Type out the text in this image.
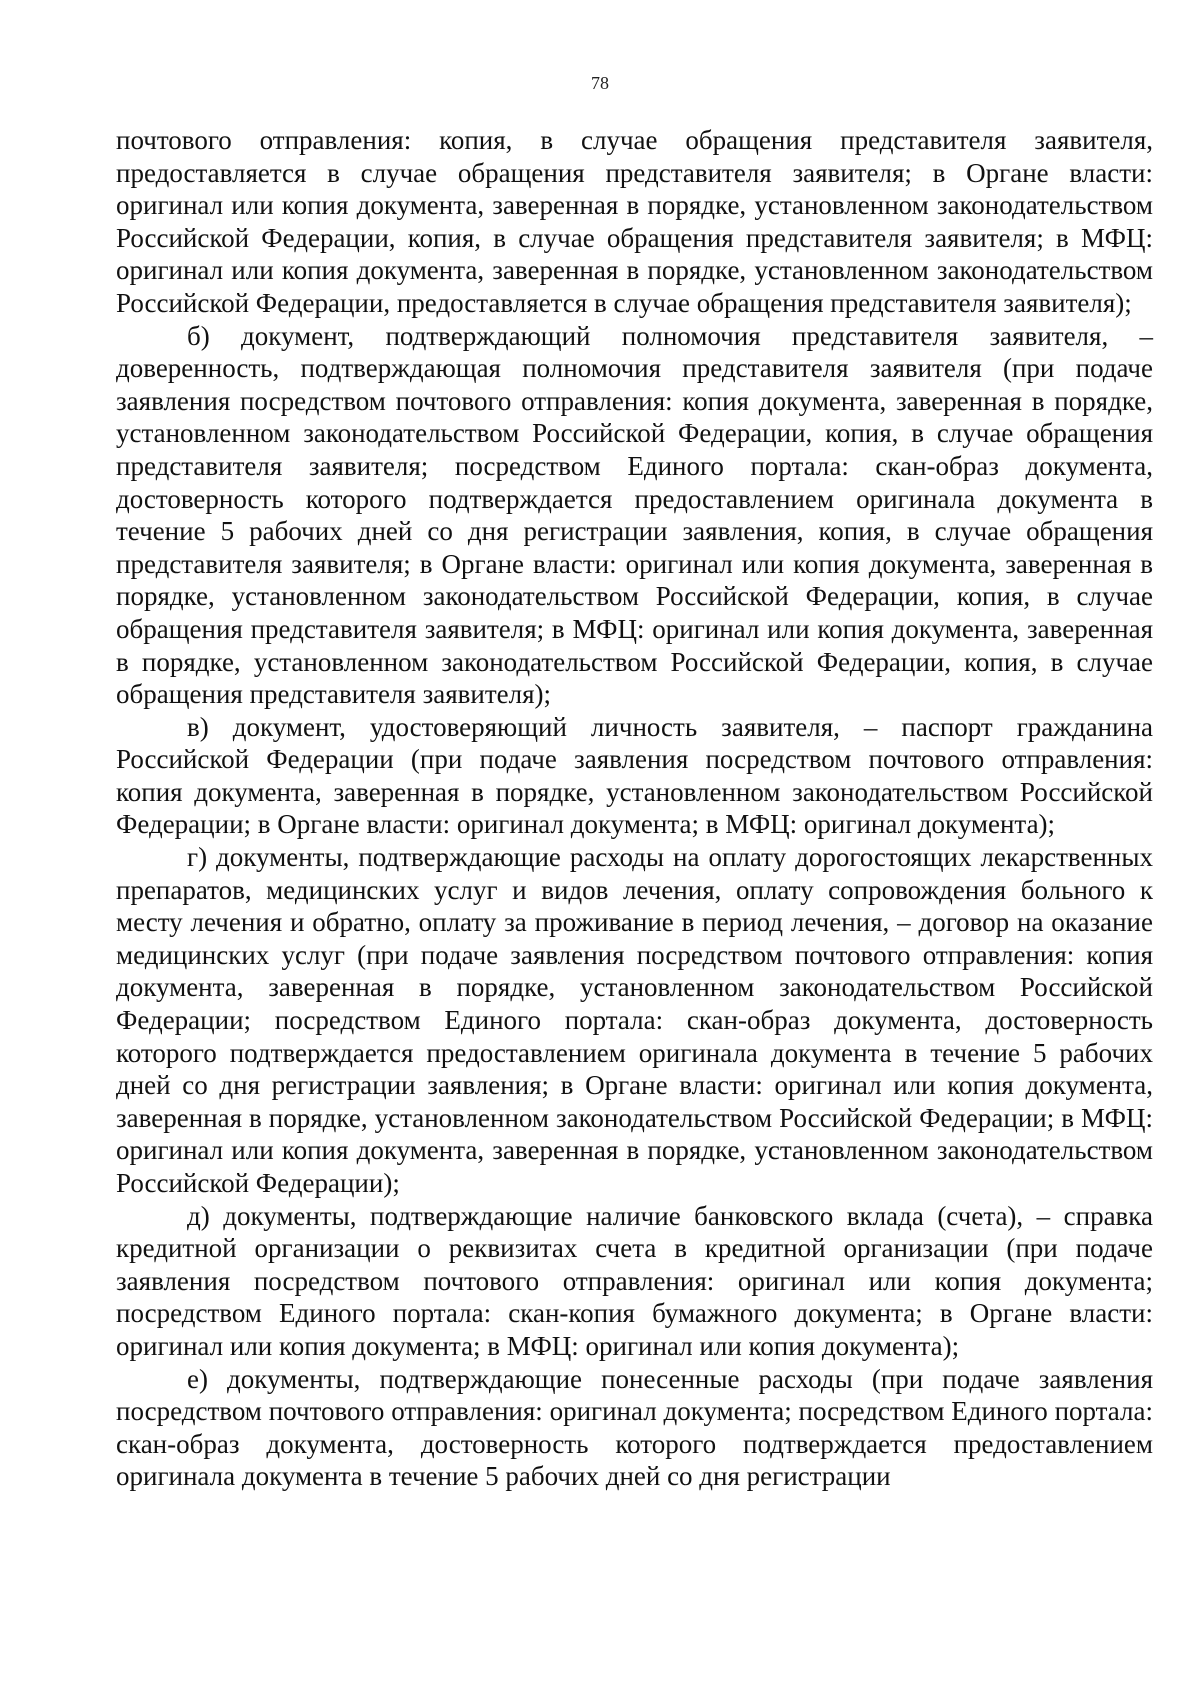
78

почтового отправления: копия, в случае обращения представителя заявителя, предоставляется в случае обращения представителя заявителя; в Органе власти: оригинал или копия документа, заверенная в порядке, установленном законодательством Российской Федерации, копия, в случае обращения представителя заявителя; в МФЦ: оригинал или копия документа, заверенная в порядке, установленном законодательством Российской Федерации, предоставляется в случае обращения представителя заявителя);

б) документ, подтверждающий полномочия представителя заявителя, – доверенность, подтверждающая полномочия представителя заявителя (при подаче заявления посредством почтового отправления: копия документа, заверенная в порядке, установленном законодательством Российской Федерации, копия, в случае обращения представителя заявителя; посредством Единого портала: скан-образ документа, достоверность которого подтверждается предоставлением оригинала документа в течение 5 рабочих дней со дня регистрации заявления, копия, в случае обращения представителя заявителя; в Органе власти: оригинал или копия документа, заверенная в порядке, установленном законодательством Российской Федерации, копия, в случае обращения представителя заявителя; в МФЦ: оригинал или копия документа, заверенная в порядке, установленном законодательством Российской Федерации, копия, в случае обращения представителя заявителя);

в) документ, удостоверяющий личность заявителя, – паспорт гражданина Российской Федерации (при подаче заявления посредством почтового отправления: копия документа, заверенная в порядке, установленном законодательством Российской Федерации; в Органе власти: оригинал документа; в МФЦ: оригинал документа);

г) документы, подтверждающие расходы на оплату дорогостоящих лекарственных препаратов, медицинских услуг и видов лечения, оплату сопровождения больного к месту лечения и обратно, оплату за проживание в период лечения, – договор на оказание медицинских услуг (при подаче заявления посредством почтового отправления: копия документа, заверенная в порядке, установленном законодательством Российской Федерации; посредством Единого портала: скан-образ документа, достоверность которого подтверждается предоставлением оригинала документа в течение 5 рабочих дней со дня регистрации заявления; в Органе власти: оригинал или копия документа, заверенная в порядке, установленном законодательством Российской Федерации; в МФЦ: оригинал или копия документа, заверенная в порядке, установленном законодательством Российской Федерации);

д) документы, подтверждающие наличие банковского вклада (счета), – справка кредитной организации о реквизитах счета в кредитной организации (при подаче заявления посредством почтового отправления: оригинал или копия документа; посредством Единого портала: скан-копия бумажного документа; в Органе власти: оригинал или копия документа; в МФЦ: оригинал или копия документа);

е) документы, подтверждающие понесенные расходы (при подаче заявления посредством почтового отправления: оригинал документа; посредством Единого портала: скан-образ документа, достоверность которого подтверждается предоставлением оригинала документа в течение 5 рабочих дней со дня регистрации
